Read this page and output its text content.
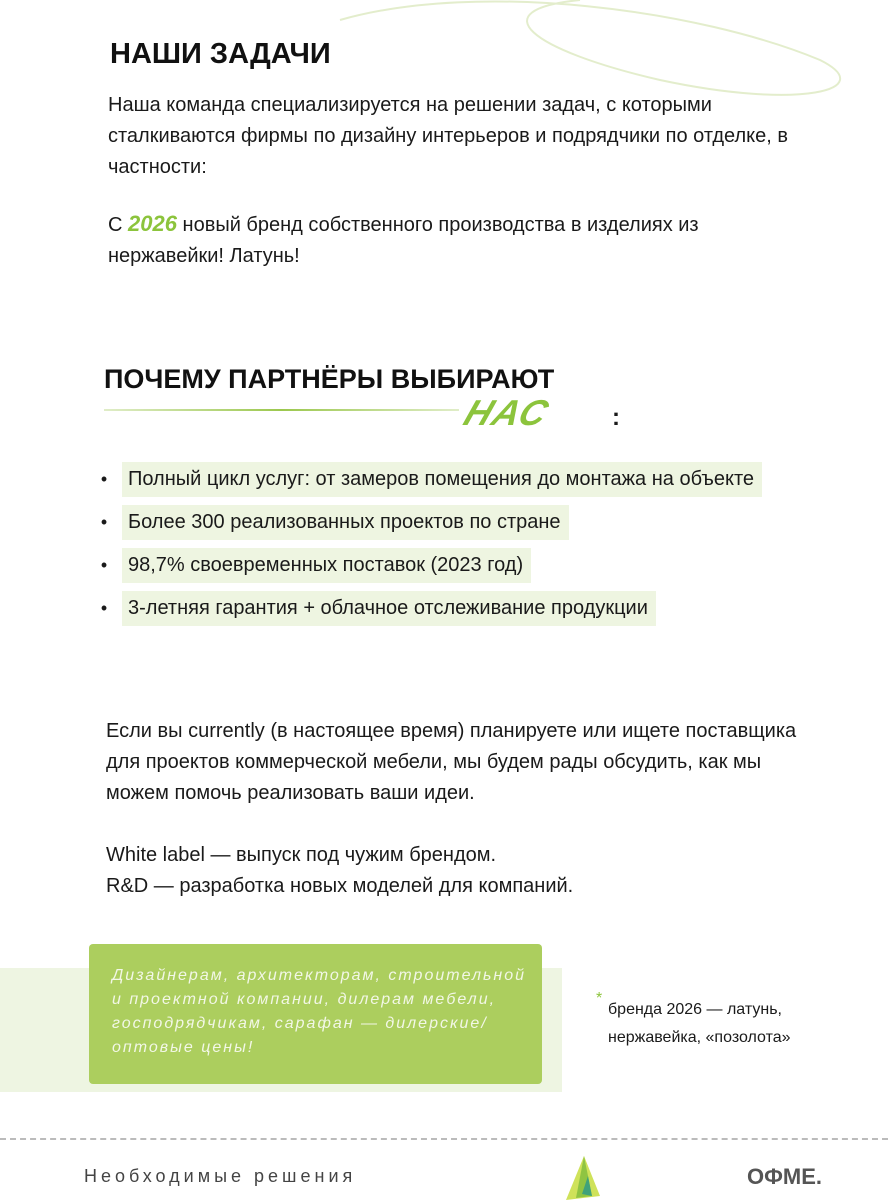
НАШИ ЗАДАЧИ
Наша команда специализируется на решении задач, с которыми сталкиваются фирмы по дизайну интерьеров и подрядчики по отделке, в частности:
С 2026 новый бренд собственного производства в изделиях из нержавейки! Латунь!
ПОЧЕМУ ПАРТНЁРЫ ВЫБИРАЮТ
НАС :
•	Полный цикл услуг: от замеров помещения до монтажа на объекте
•	Более 300 реализованных проектов по стране
•	98,7% своевременных поставок (2023 год)
•	3-летняя гарантия + облачное отслеживание продукции
Если вы currently (в настоящее время) планируете или ищете поставщика для проектов коммерческой мебели, мы будем рады обсудить, как мы можем помочь реализовать ваши идеи.
White label — выпуск под чужим брендом.
R&D — разработка новых моделей для компаний.
Дизайнерам, архитекторам, строительной и проектной компании, дилерам мебели, господрядчикам, сарафан — дилерские/оптовые цены!
*
бренда 2026 — латунь,
нержавейка, «позолота»
Необходимые решения	ОФМЕ.
